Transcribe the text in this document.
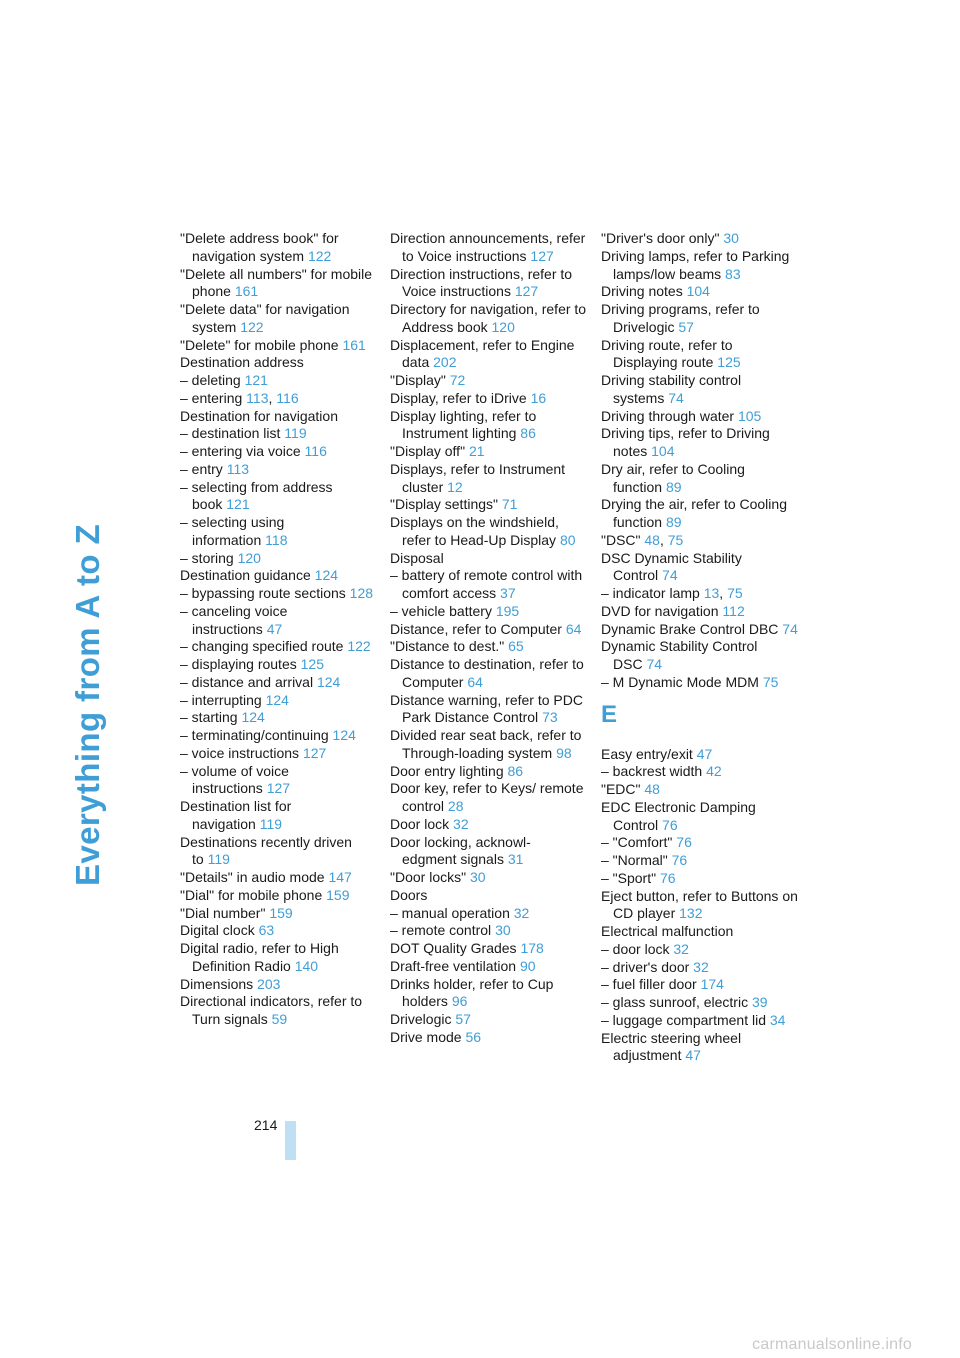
Everything from A to Z
"Delete address book" for navigation system 122
"Delete all numbers" for mobile phone 161
"Delete data" for navigation system 122
"Delete" for mobile phone 161
Destination address
– deleting 121
– entering 113, 116
Destination for navigation
– destination list 119
– entering via voice 116
– entry 113
– selecting from address book 121
– selecting using information 118
– storing 120
Destination guidance 124
– bypassing route sections 128
– canceling voice instructions 47
– changing specified route 122
– displaying routes 125
– distance and arrival 124
– interrupting 124
– starting 124
– terminating/continuing 124
– voice instructions 127
– volume of voice instructions 127
Destination list for navigation 119
Destinations recently driven to 119
"Details" in audio mode 147
"Dial" for mobile phone 159
"Dial number" 159
Digital clock 63
Digital radio, refer to High Definition Radio 140
Dimensions 203
Directional indicators, refer to Turn signals 59
Direction announcements, refer to Voice instructions 127
Direction instructions, refer to Voice instructions 127
Directory for navigation, refer to Address book 120
Displacement, refer to Engine data 202
"Display" 72
Display, refer to iDrive 16
Display lighting, refer to Instrument lighting 86
"Display off" 21
Displays, refer to Instrument cluster 12
"Display settings" 71
Displays on the windshield, refer to Head-Up Display 80
Disposal
– battery of remote control with comfort access 37
– vehicle battery 195
Distance, refer to Computer 64
"Distance to dest." 65
Distance to destination, refer to Computer 64
Distance warning, refer to PDC Park Distance Control 73
Divided rear seat back, refer to Through-loading system 98
Door entry lighting 86
Door key, refer to Keys/ remote control 28
Door lock 32
Door locking, acknowl- edgment signals 31
"Door locks" 30
Doors
– manual operation 32
– remote control 30
DOT Quality Grades 178
Draft-free ventilation 90
Drinks holder, refer to Cup holders 96
Drivelogic 57
Drive mode 56
"Driver's door only" 30
Driving lamps, refer to Parking lamps/low beams 83
Driving notes 104
Driving programs, refer to Drivelogic 57
Driving route, refer to Displaying route 125
Driving stability control systems 74
Driving through water 105
Driving tips, refer to Driving notes 104
Dry air, refer to Cooling function 89
Drying the air, refer to Cooling function 89
"DSC" 48, 75
DSC Dynamic Stability Control 74
– indicator lamp 13, 75
DVD for navigation 112
Dynamic Brake Control DBC 74
Dynamic Stability Control DSC 74
– M Dynamic Mode MDM 75
E
Easy entry/exit 47
– backrest width 42
"EDC" 48
EDC Electronic Damping Control 76
– "Comfort" 76
– "Normal" 76
– "Sport" 76
Eject button, refer to Buttons on CD player 132
Electrical malfunction
– door lock 32
– driver's door 32
– fuel filler door 174
– glass sunroof, electric 39
– luggage compartment lid 34
Electric steering wheel adjustment 47
214
carmanualsonline.info
